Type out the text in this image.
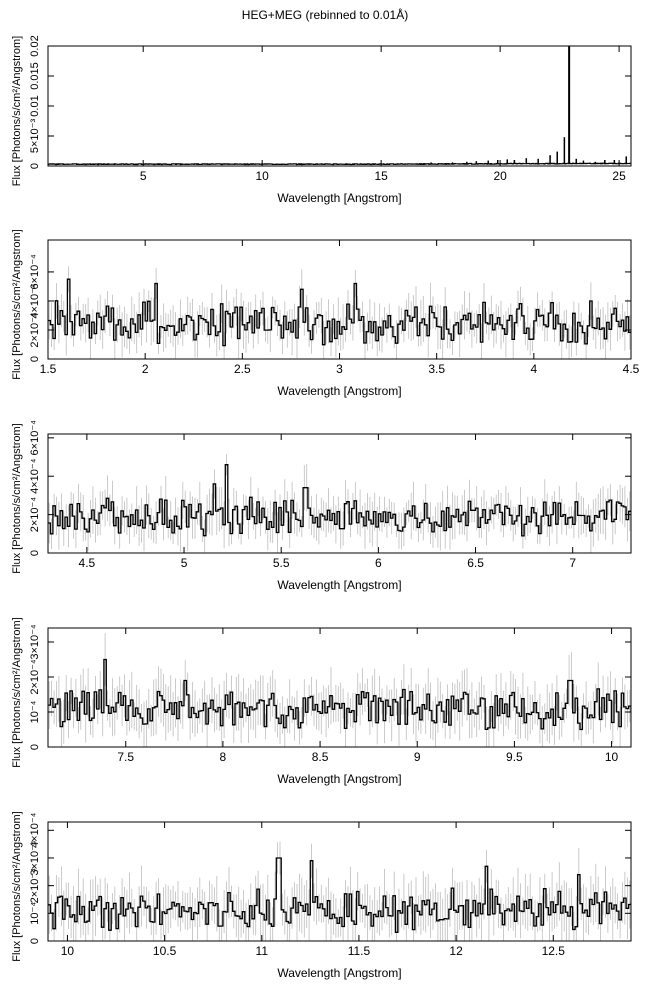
HEG+MEG (rebinned to 0.01Å)
5	10	15	20	25
0
5×10⁻³
0.01
0.015
0.02
Wavelength [Angstrom]
Flux [Photons/s/cm²/Angstrom]
1.5	2	2.5	3	3.5	4	4.5
0
2×10⁻⁴
4×10⁻⁴
6×10⁻⁴
Wavelength [Angstrom]
Flux [Photons/s/cm²/Angstrom]
4.5	5	5.5	6	6.5	7
0
2×10⁻⁴
4×10⁻⁴
6×10⁻⁴
Wavelength [Angstrom]
Flux [Photons/s/cm²/Angstrom]
7.5	8	8.5	9	9.5	10
0
10⁻⁴
2×10⁻⁴
3×10⁻⁴
Wavelength [Angstrom]
Flux [Photons/s/cm²/Angstrom]
10	10.5	11	11.5	12	12.5
0
10⁻⁴
2×10⁻⁴
3×10⁻⁴
4×10⁻⁴
Wavelength [Angstrom]
Flux [Photons/s/cm²/Angstrom]
